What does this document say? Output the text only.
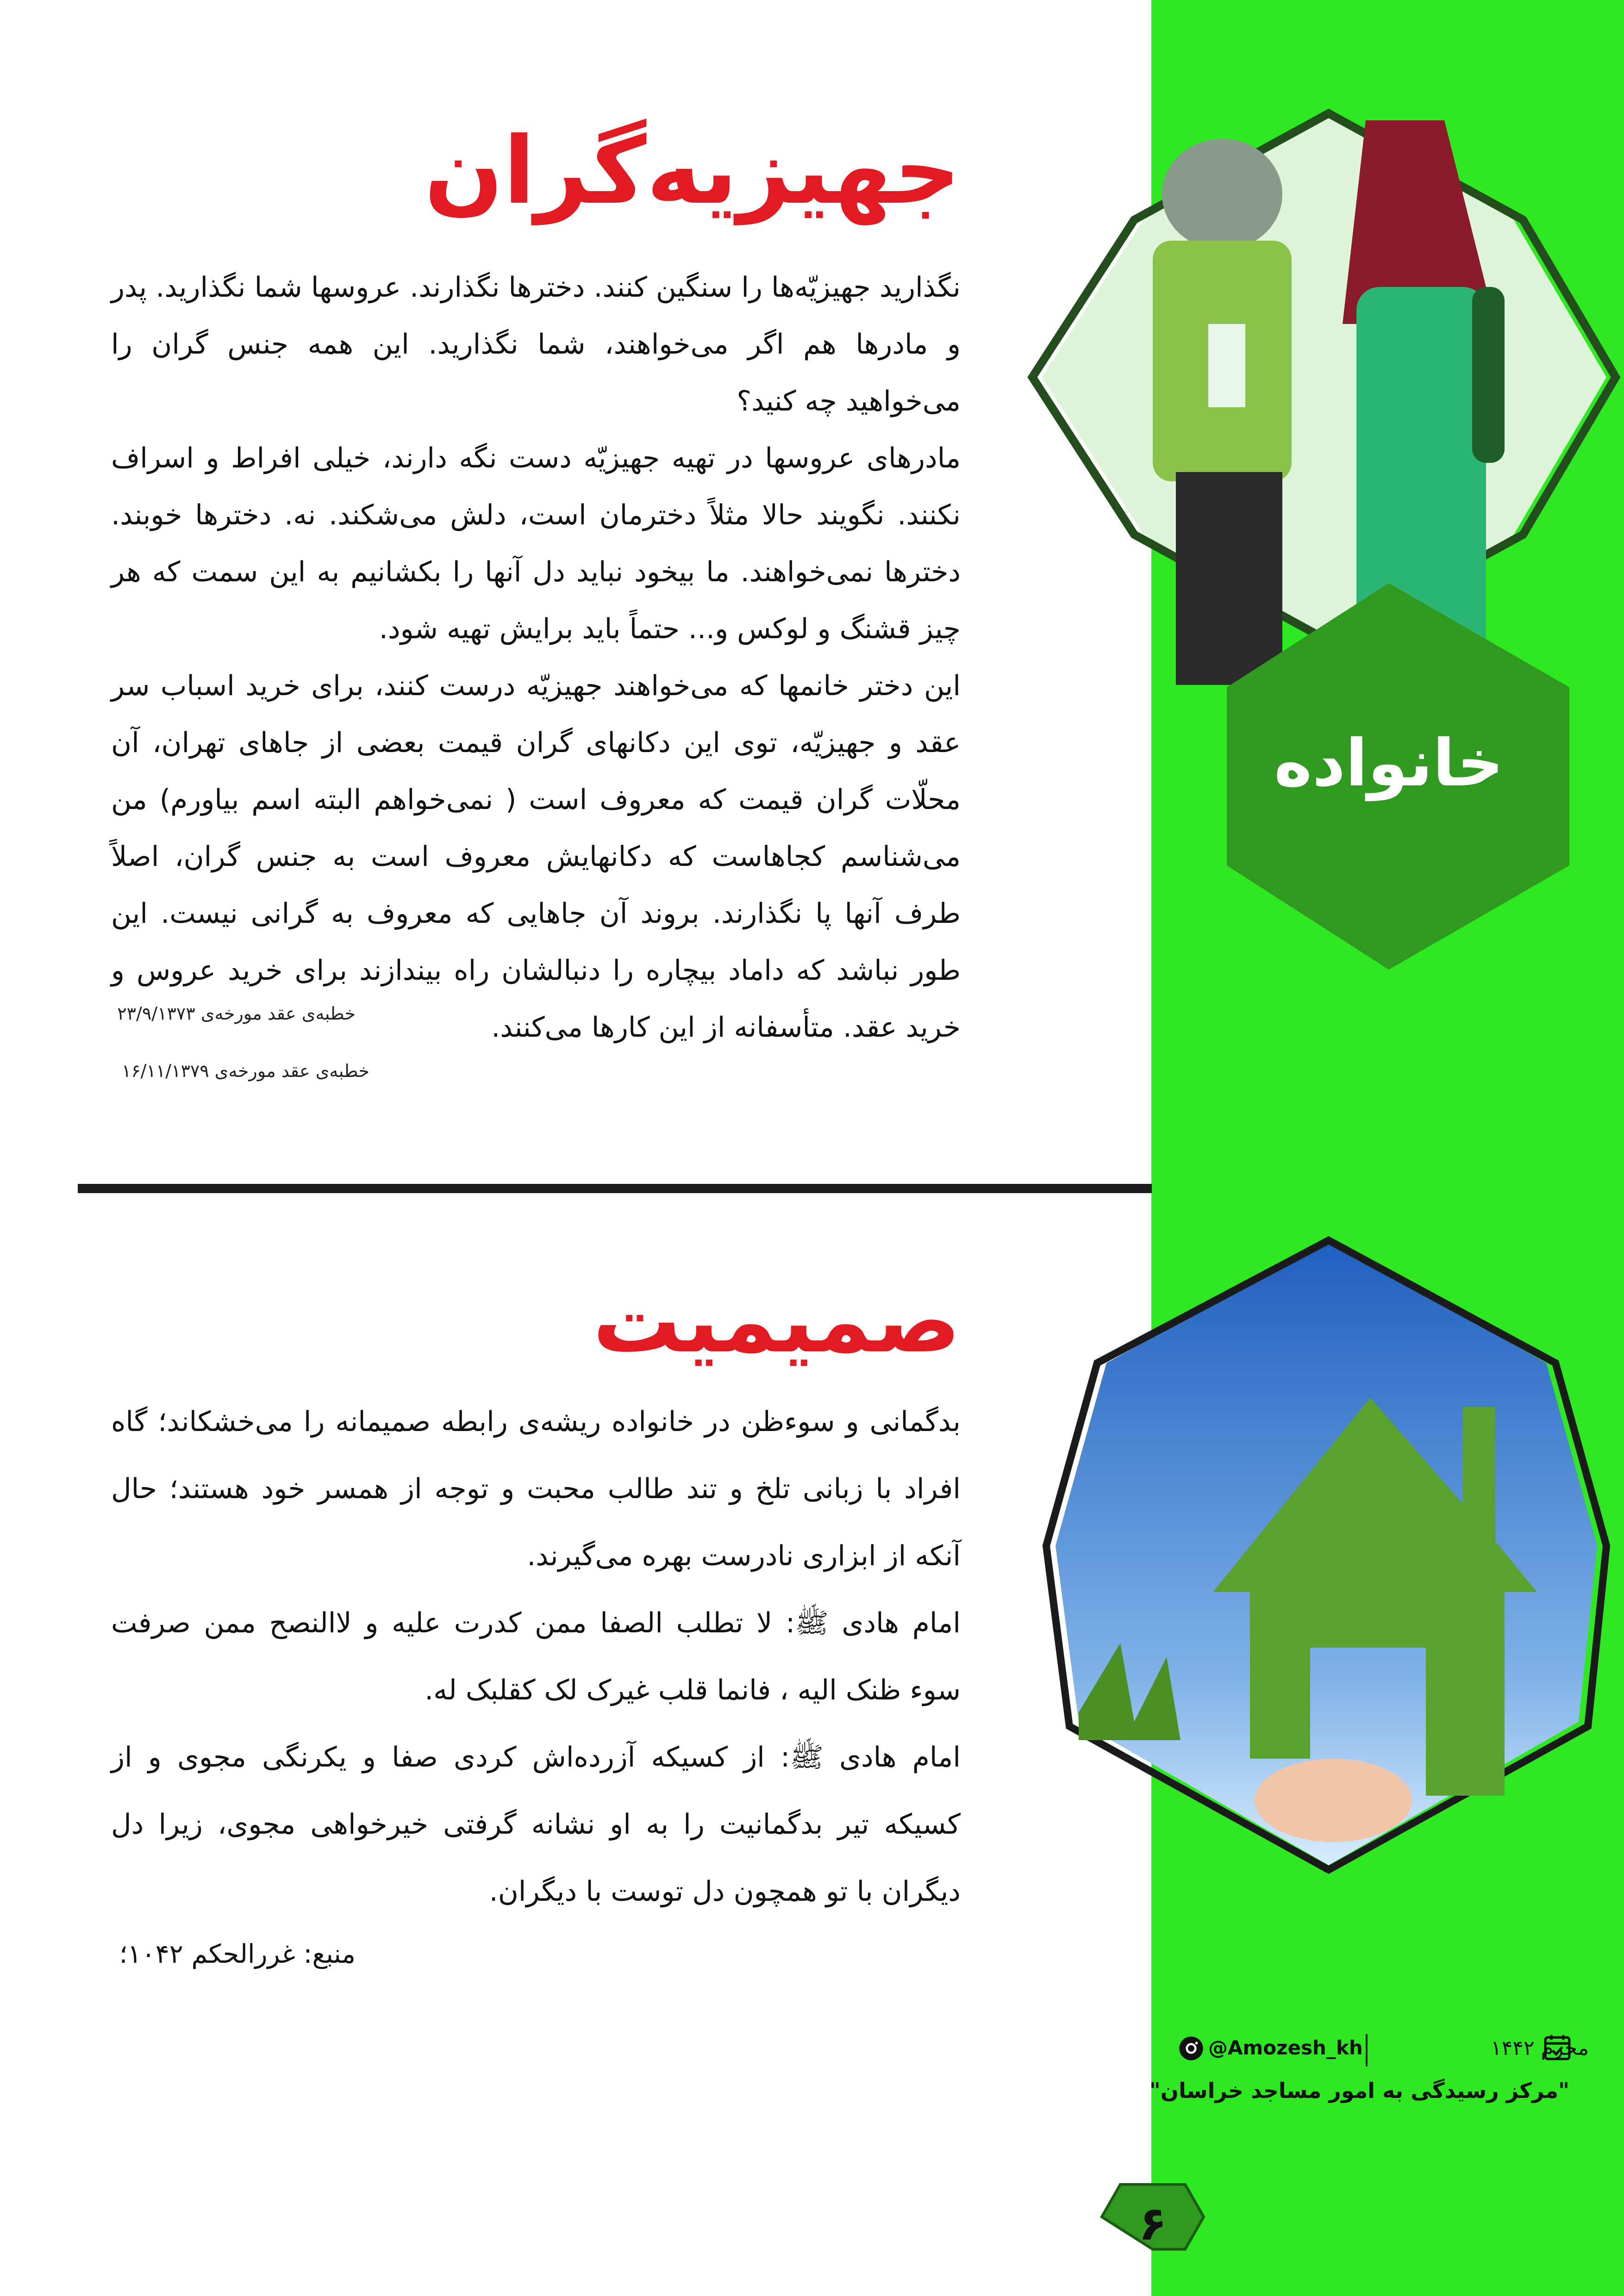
خانواده
جهیزیه‌گران

نگذارید جهیزیّه‌ها را سنگین کنند. دخترها نگذارند. عروسها شما نگذارید. پدر و مادرها هم اگر می‌خواهند، شما نگذارید. این همه جنس گران را می‌خواهید چه کنید؟

مادرهای عروسها در تهیه جهیزیّه دست نگه دارند، خیلی افراط و اسراف نکنند. نگویند حالا مثلاً دخترمان است، دلش می‌شکند. نه. دخترها خوبند. دخترها نمی‌خواهند. ما بیخود نباید دل آنها را بکشانیم به این سمت که هر چیز قشنگ و لوکس و... حتماً باید برایش تهیه شود.

این دختر خانمها که می‌خواهند جهیزیّه درست کنند، برای خرید اسباب سر عقد و جهیزیّه، توی این دکانهای گران قیمت بعضی از جاهای تهران، آن محلّات گران قیمت که معروف است ( نمی‌خواهم البته اسم بیاورم) من می‌شناسم کجاهاست که دکانهایش معروف است به جنس گران، اصلاً طرف آنها پا نگذارند. بروند آن جاهایی که معروف به گرانی نیست. این طور نباشد که داماد بیچاره را دنبالشان راه بیندازند برای خرید عروس و خرید عقد. متأسفانه از این کارها می‌کنند.

خطبه‌ی عقد مورخه‌ی ۲۳/۹/۱۳۷۳

خطبه‌ی عقد مورخه‌ی ۱۶/۱۱/۱۳۷۹

صمیمیت

بدگمانی و سوءظن در خانواده ریشه‌ی رابطه صمیمانه را می‌خشکاند؛ گاه افراد با زبانی تلخ و تند طالب محبت و توجه از همسر خود هستند؛ حال آنکه از ابزاری نادرست بهره می‌گیرند.

امام هادی ﷺ: لا تطلب الصفا ممن کدرت علیه و لاالنصح ممن صرفت سوء ظنک الیه ، فانما قلب غیرک لک کقلبک له.

امام هادی ﷺ: از کسیکه آزرده‌اش کردی صفا و یکرنگی مجوی و از کسیکه تیر بدگمانیت را به او نشانه گرفتی خیرخواهی مجوی، زیرا دل دیگران با تو همچون دل توست با دیگران.

منبع: غررالحکم ۱۰۴۲؛

محرم ۱۴۴۲
@Amozesh_kh
"مرکز رسیدگی به امور مساجد خراسان"
۶
